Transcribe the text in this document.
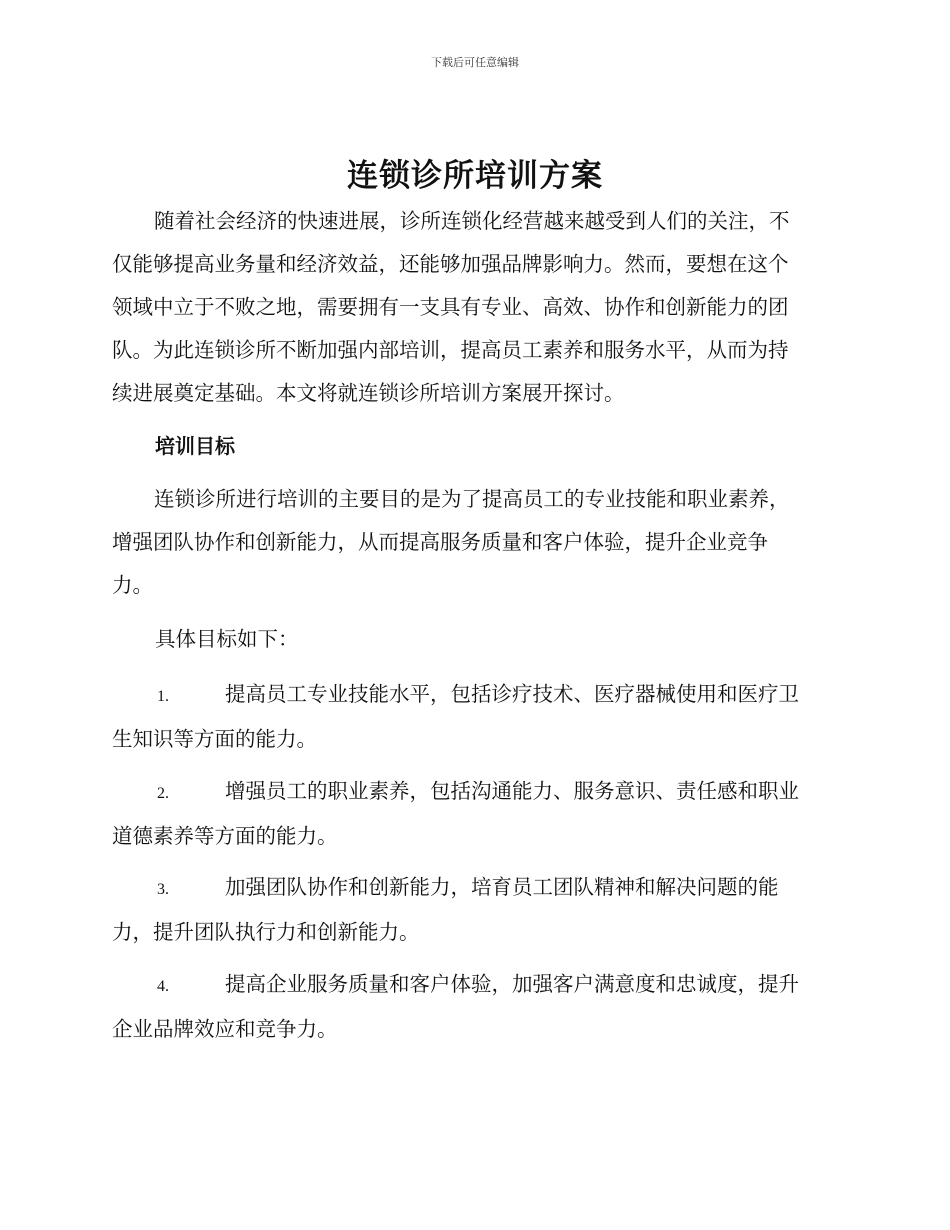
下载后可任意编辑
连锁诊所培训方案
随着社会经济的快速进展，诊所连锁化经营越来越受到人们的关注，不
仅能够提高业务量和经济效益，还能够加强品牌影响力。然而，要想在这个
领域中立于不败之地，需要拥有一支具有专业、高效、协作和创新能力的团
队。为此连锁诊所不断加强内部培训，提高员工素养和服务水平，从而为持
续进展奠定基础。本文将就连锁诊所培训方案展开探讨。
培训目标
连锁诊所进行培训的主要目的是为了提高员工的专业技能和职业素养，
增强团队协作和创新能力，从而提高服务质量和客户体验，提升企业竞争
力。
具体目标如下：
1.	提高员工专业技能水平，包括诊疗技术、医疗器械使用和医疗卫
生知识等方面的能力。
2.	增强员工的职业素养，包括沟通能力、服务意识、责任感和职业
道德素养等方面的能力。
3.	加强团队协作和创新能力，培育员工团队精神和解决问题的能
力，提升团队执行力和创新能力。
4.	提高企业服务质量和客户体验，加强客户满意度和忠诚度，提升
企业品牌效应和竞争力。
